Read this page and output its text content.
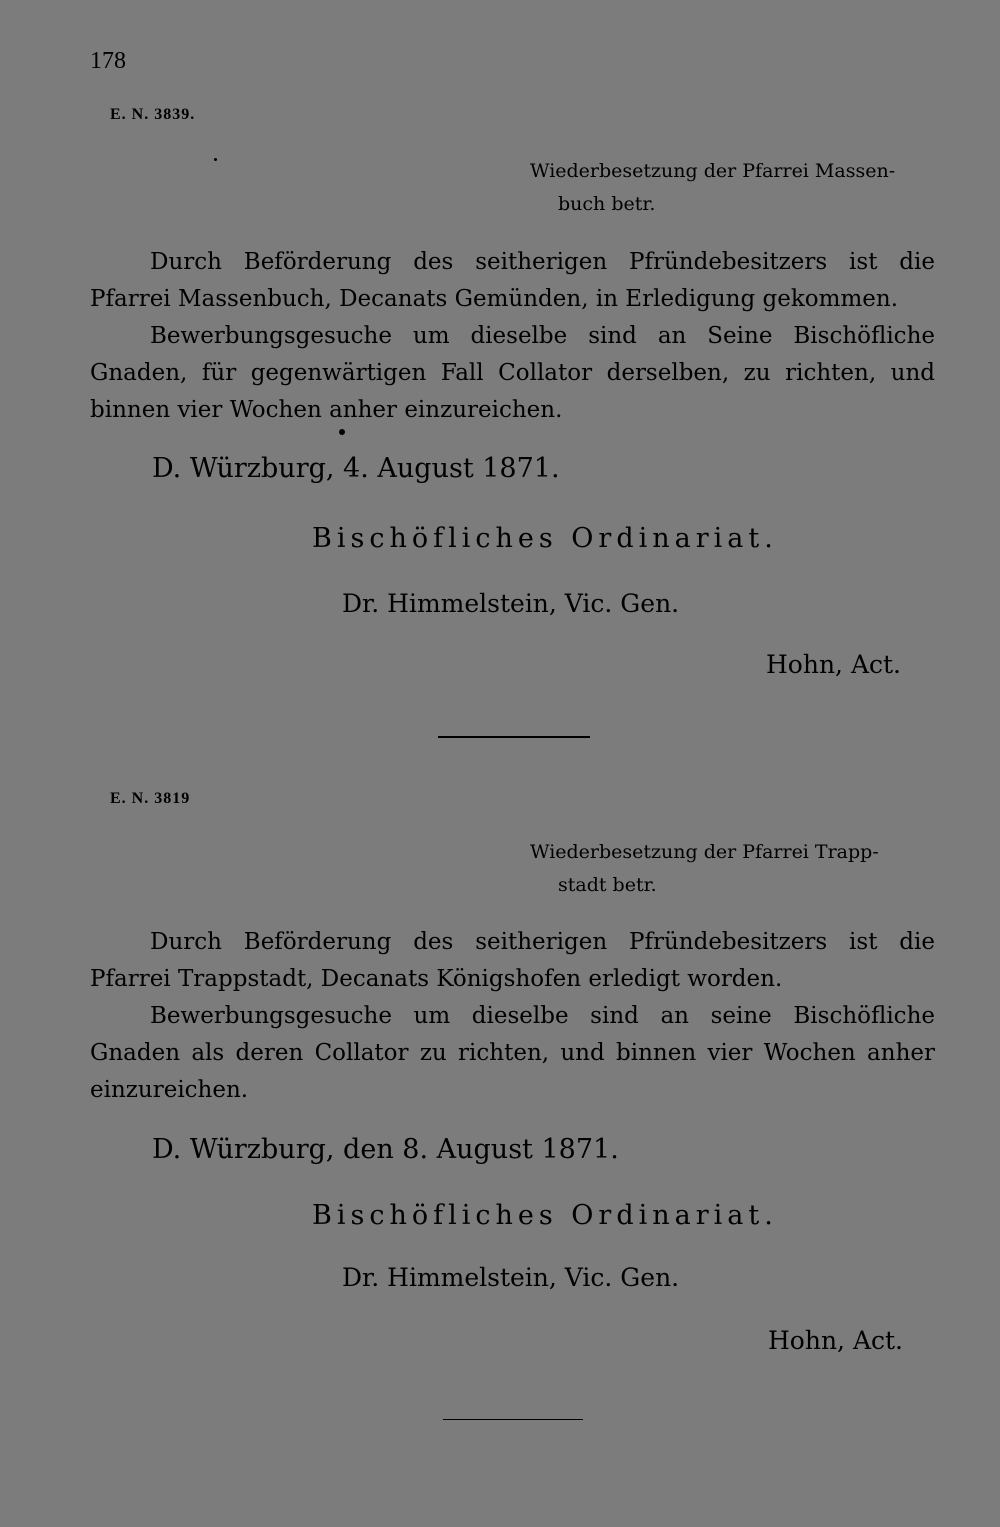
178
E. N. 3839.
Wiederbesetzung der Pfarrei Massen-
buch betr.

Durch Beförderung des seitherigen Pfründebesitzers ist die Pfarrei Massenbuch, Decanats Gemünden, in Erledigung gekommen.

Bewerbungsgesuche um dieselbe sind an Seine Bischöfliche Gnaden, für gegenwärtigen Fall Collator derselben, zu richten, und binnen vier Wochen anher einzureichen.

D. Würzburg, 4. August 1871.
Bischöfliches Ordinariat.
Dr. Himmelstein, Vic. Gen.
Hohn, Act.
E. N. 3819
Wiederbesetzung der Pfarrei Trapp-
stadt betr.

Durch Beförderung des seitherigen Pfründebesitzers ist die Pfarrei Trappstadt, Decanats Königshofen erledigt worden.

Bewerbungsgesuche um dieselbe sind an seine Bischöfliche Gnaden als deren Collator zu richten, und binnen vier Wochen anher einzureichen.

D. Würzburg, den 8. August 1871.
Bischöfliches Ordinariat.
Dr. Himmelstein, Vic. Gen.
Hohn, Act.
